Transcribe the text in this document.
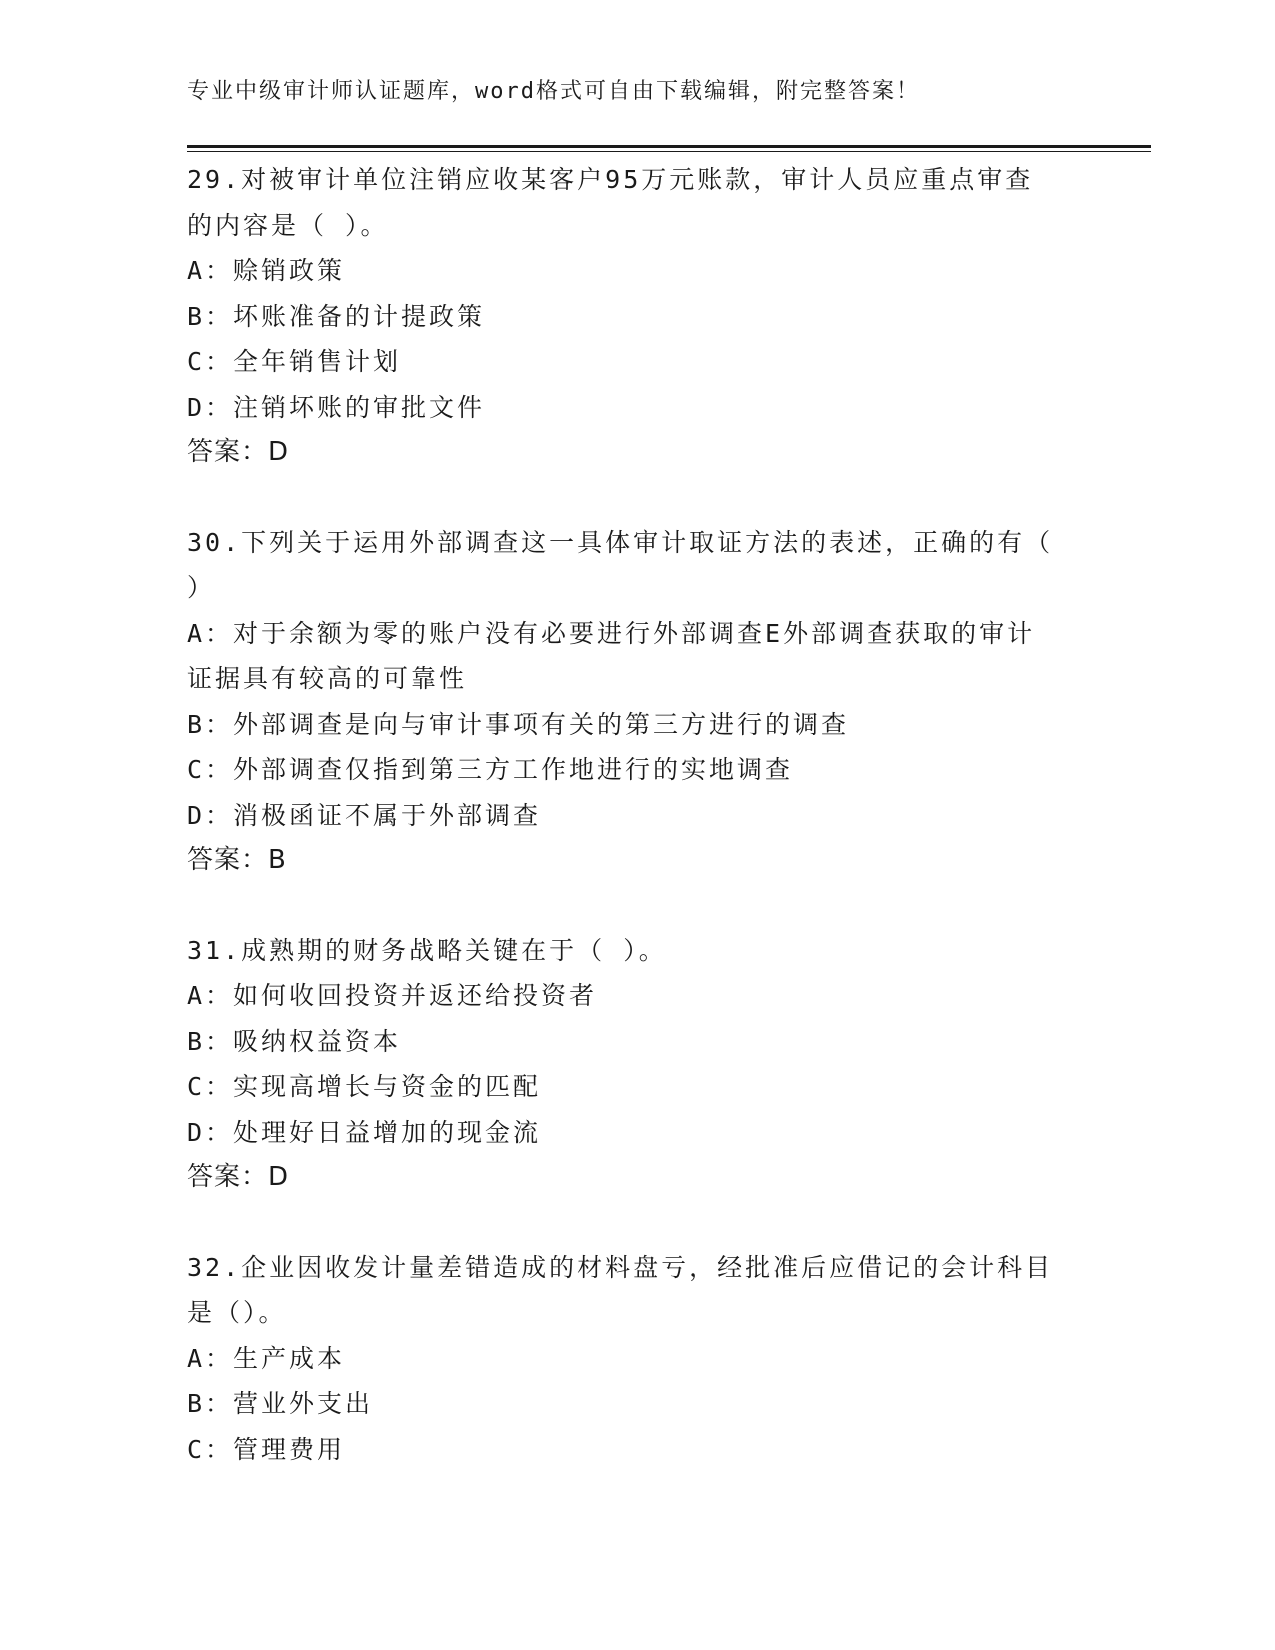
专业中级审计师认证题库，word格式可自由下载编辑，附完整答案！
29.对被审计单位注销应收某客户95万元账款，审计人员应重点审查
的内容是（ ）。
A：赊销政策
B：坏账准备的计提政策
C：全年销售计划
D：注销坏账的审批文件
答案：D
30.下列关于运用外部调查这一具体审计取证方法的表述，正确的有（
）
A：对于余额为零的账户没有必要进行外部调查E外部调查获取的审计
证据具有较高的可靠性
B：外部调查是向与审计事项有关的第三方进行的调查
C：外部调查仅指到第三方工作地进行的实地调查
D：消极函证不属于外部调查
答案：B
31.成熟期的财务战略关键在于（ ）。
A：如何收回投资并返还给投资者
B：吸纳权益资本
C：实现高增长与资金的匹配
D：处理好日益增加的现金流
答案：D
32.企业因收发计量差错造成的材料盘亏，经批准后应借记的会计科目
是（）。
A：生产成本
B：营业外支出
C：管理费用
